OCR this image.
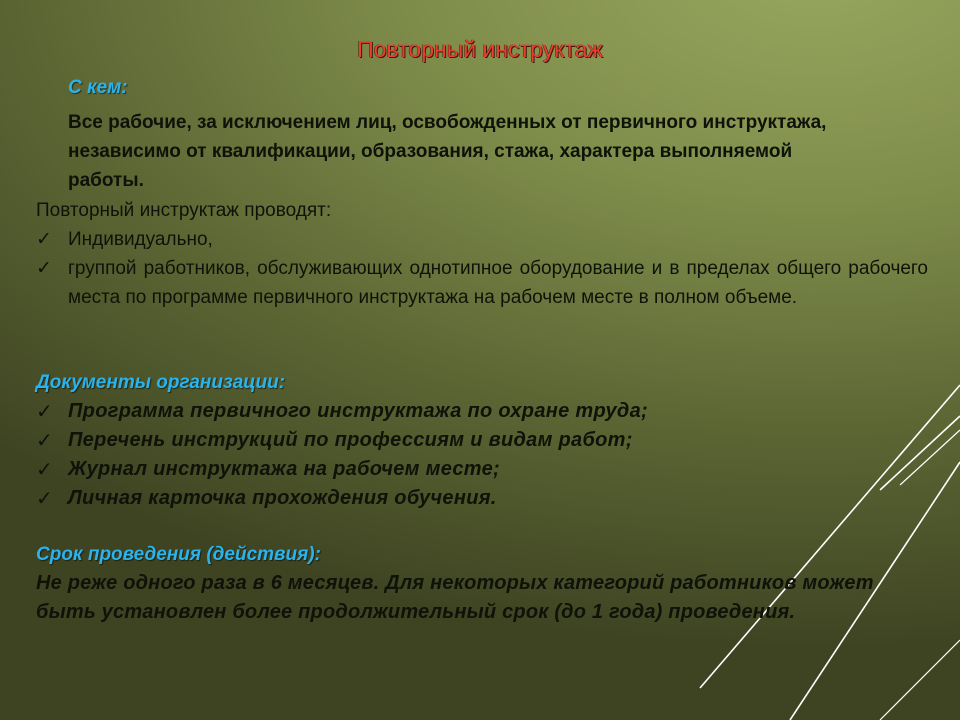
Повторный инструктаж
С кем:
Все рабочие, за исключением лиц, освобожденных от первичного инструктажа, независимо от квалификации, образования, стажа, характера выполняемой работы.
Повторный инструктаж проводят:
✓ Индивидуально,
✓ группой работников, обслуживающих однотипное оборудование и в пределах общего рабочего места по программе первичного инструктажа на рабочем месте в полном объеме.
Документы организации:
✓ Программа первичного инструктажа по охране труда;
✓ Перечень инструкций по профессиям и видам работ;
✓ Журнал инструктажа на рабочем месте;
✓ Личная карточка прохождения обучения.
Срок проведения (действия):
Не реже одного раза в 6 месяцев. Для некоторых категорий работников может быть установлен более продолжительный срок (до 1 года) проведения.
